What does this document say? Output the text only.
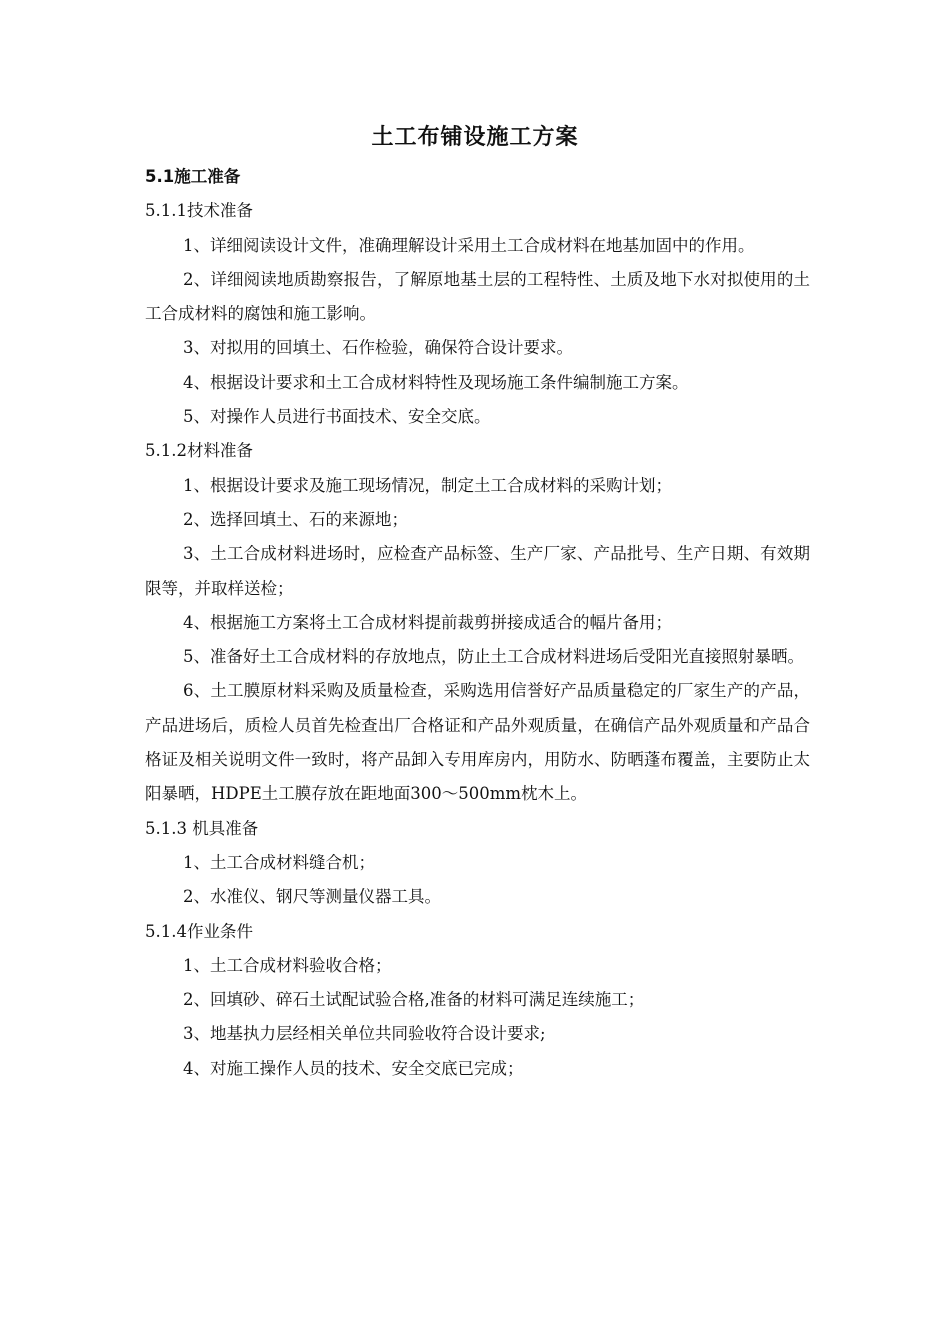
土工布铺设施工方案
5.1施工准备
5.1.1技术准备
1、详细阅读设计文件，准确理解设计采用土工合成材料在地基加固中的作用。
2、详细阅读地质勘察报告，了解原地基土层的工程特性、土质及地下水对拟使用的土工合成材料的腐蚀和施工影响。
3、对拟用的回填土、石作检验，确保符合设计要求。
4、根据设计要求和土工合成材料特性及现场施工条件编制施工方案。
5、对操作人员进行书面技术、安全交底。
5.1.2材料准备
1、根据设计要求及施工现场情况，制定土工合成材料的采购计划；
2、选择回填土、石的来源地；
3、土工合成材料进场时，应检查产品标签、生产厂家、产品批号、生产日期、有效期限等，并取样送检；
4、根据施工方案将土工合成材料提前裁剪拼接成适合的幅片备用；
5、准备好土工合成材料的存放地点，防止土工合成材料进场后受阳光直接照射暴晒。
6、土工膜原材料采购及质量检查，采购选用信誉好产品质量稳定的厂家生产的产品，产品进场后，质检人员首先检查出厂合格证和产品外观质量，在确信产品外观质量和产品合格证及相关说明文件一致时，将产品卸入专用库房内，用防水、防晒蓬布覆盖，主要防止太阳暴晒，HDPE土工膜存放在距地面300～500mm枕木上。
5.1.3 机具准备
1、土工合成材料缝合机；
2、水准仪、钢尺等测量仪器工具。
5.1.4作业条件
1、土工合成材料验收合格；
2、回填砂、碎石土试配试验合格,准备的材料可满足连续施工；
3、地基执力层经相关单位共同验收符合设计要求;
4、对施工操作人员的技术、安全交底已完成；
